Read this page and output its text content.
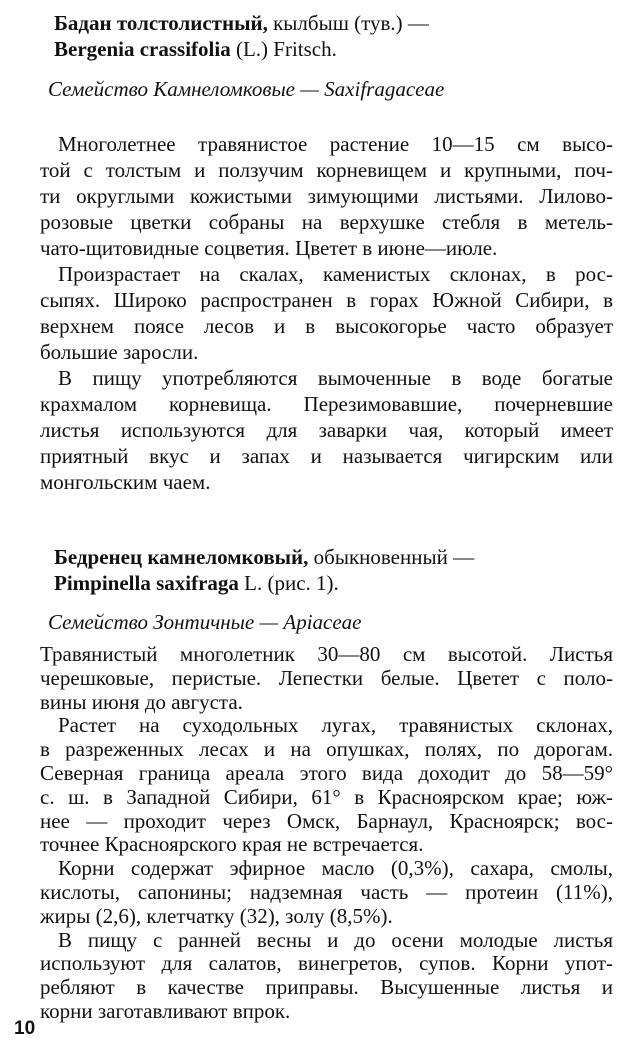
Бадан толстолистный, кылбыш (тув.) —
Bergenia crassifolia (L.) Fritsch.
Семейство Камнеломковые — Saxifragaceae
Многолетнее травянистое растение 10—15 см высо-
той с толстым и ползучим корневищем и крупными, поч-
ти округлыми кожистыми зимующими листьями. Лилово-
розовые цветки собраны на верхушке стебля в метель-
чато-щитовидные соцветия. Цветет в июне—июле.
Произрастает на скалах, каменистых склонах, в рос-
сыпях. Широко распространен в горах Южной Сибири, в
верхнем поясе лесов и в высокогорье часто образует
большие заросли.
В пищу употребляются вымоченные в воде богатые
крахмалом корневища. Перезимовавшие, почерневшие
листья используются для заварки чая, который имеет
приятный вкус и запах и называется чигирским или
монгольским чаем.
Бедренец камнеломковый, обыкновенный —
Pimpinella saxifraga L. (рис. 1).
Семейство Зонтичные — Apiaceae
Травянистый многолетник 30—80 см высотой. Листья
черешковые, перистые. Лепестки белые. Цветет с поло-
вины июня до августа.
Растет на суходольных лугах, травянистых склонах,
в разреженных лесах и на опушках, полях, по дорогам.
Северная граница ареала этого вида доходит до 58—59°
с. ш. в Западной Сибири, 61° в Красноярском крае; юж-
нее — проходит через Омск, Барнаул, Красноярск; вос-
точнее Красноярского края не встречается.
Корни содержат эфирное масло (0,3%), сахара, смолы,
кислоты, сапонины; надземная часть — протеин (11%),
жиры (2,6), клетчатку (32), золу (8,5%).
В пищу с ранней весны и до осени молодые листья
используют для салатов, винегретов, супов. Корни упот-
ребляют в качестве приправы. Высушенные листья и
корни заготавливают впрок.
10
